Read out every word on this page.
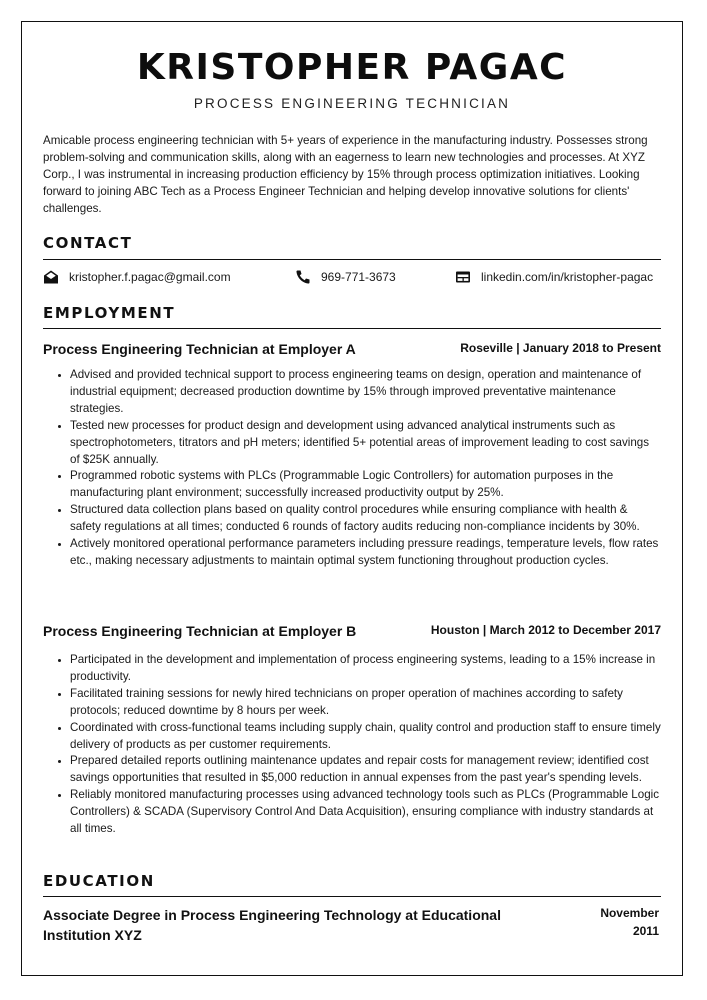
KRISTOPHER PAGAC
PROCESS ENGINEERING TECHNICIAN

Amicable process engineering technician with 5+ years of experience in the manufacturing industry. Possesses strong problem-solving and communication skills, along with an eagerness to learn new technologies and processes. At XYZ Corp., I was instrumental in increasing production efficiency by 15% through process optimization initiatives. Looking forward to joining ABC Tech as a Process Engineer Technician and helping develop innovative solutions for clients' challenges.

CONTACT
kristopher.f.pagac@gmail.com	969-771-3673	linkedin.com/in/kristopher-pagac
EMPLOYMENT
Process Engineering Technician at Employer A	Roseville | January 2018 to Present
• Advised and provided technical support to process engineering teams on design, operation and maintenance of industrial equipment; decreased production downtime by 15% through improved preventative maintenance strategies.
• Tested new processes for product design and development using advanced analytical instruments such as spectrophotometers, titrators and pH meters; identified 5+ potential areas of improvement leading to cost savings of $25K annually.
• Programmed robotic systems with PLCs (Programmable Logic Controllers) for automation purposes in the manufacturing plant environment; successfully increased productivity output by 25%.
• Structured data collection plans based on quality control procedures while ensuring compliance with health & safety regulations at all times; conducted 6 rounds of factory audits reducing non-compliance incidents by 30%.
• Actively monitored operational performance parameters including pressure readings, temperature levels, flow rates etc., making necessary adjustments to maintain optimal system functioning throughout production cycles.
Process Engineering Technician at Employer B	Houston | March 2012 to December 2017
• Participated in the development and implementation of process engineering systems, leading to a 15% increase in productivity.
• Facilitated training sessions for newly hired technicians on proper operation of machines according to safety protocols; reduced downtime by 8 hours per week.
• Coordinated with cross-functional teams including supply chain, quality control and production staff to ensure timely delivery of products as per customer requirements.
• Prepared detailed reports outlining maintenance updates and repair costs for management review; identified cost savings opportunities that resulted in $5,000 reduction in annual expenses from the past year's spending levels.
• Reliably monitored manufacturing processes using advanced technology tools such as PLCs (Programmable Logic Controllers) & SCADA (Supervisory Control And Data Acquisition), ensuring compliance with industry standards at all times.
EDUCATION
Associate Degree in Process Engineering Technology at Educational Institution XYZ
November 2011
